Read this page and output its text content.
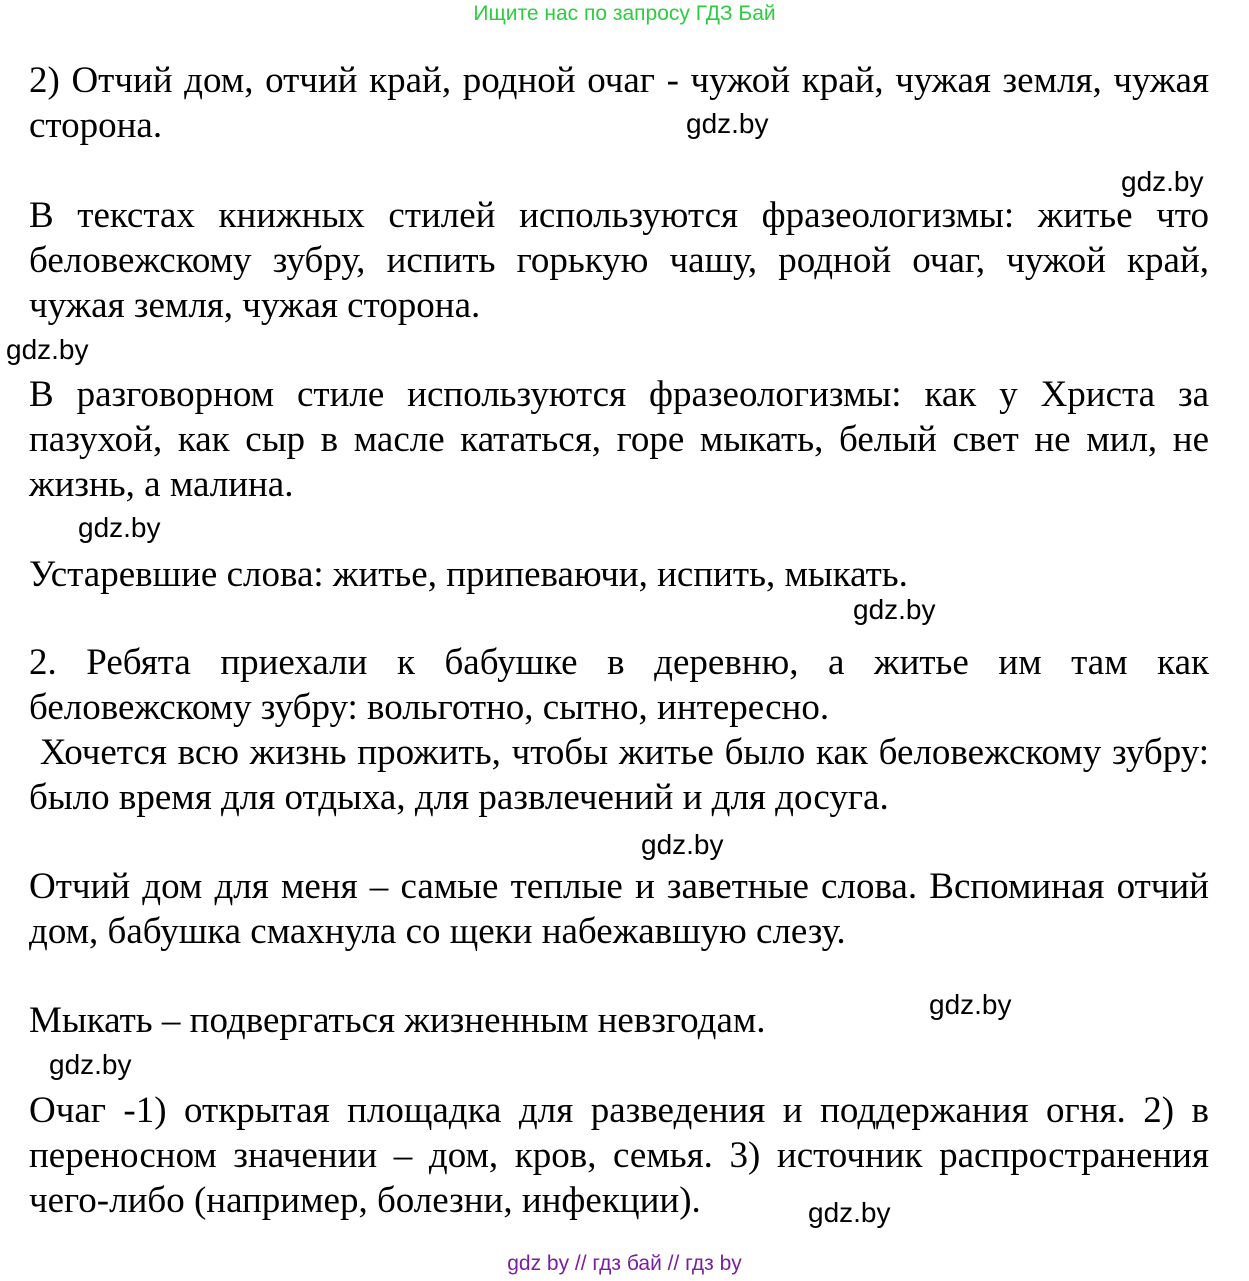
Ищите нас по запросу ГДЗ Бай

2) Отчий дом, отчий край, родной очаг - чужой край, чужая земля, чужая сторона.	gdz.by
gdz.by

В текстах книжных стилей используются фразеологизмы: житье что беловежскому зубру, испить горькую чашу, родной очаг, чужой край, чужая земля, чужая сторона.

gdz.by

В разговорном стиле используются фразеологизмы: как у Христа за пазухой, как сыр в масле кататься, горе мыкать, белый свет не мил, не жизнь, а малина.

gdz.by

Устаревшие слова: житье, припеваючи, испить, мыкать.

gdz.by

2. Ребята приехали к бабушке в деревню, а житье им там как беловежскому зубру: вольготно, сытно, интересно.

Хочется всю жизнь прожить, чтобы житье было как беловежскому зубру: было время для отдыха, для развлечений и для досуга.

gdz.by

Отчий дом для меня – самые теплые и заветные слова. Вспоминая отчий дом, бабушка смахнула со щеки набежавшую слезу.

gdz.by

Мыкать – подвергаться жизненным невзгодам.

gdz.by

Очаг -1) открытая площадка для разведения и поддержания огня. 2) в переносном значении – дом, кров, семья. 3) источник распространения чего-либо (например, болезни, инфекции).	gdz.by
gdz by // гдз бай // гдз by
